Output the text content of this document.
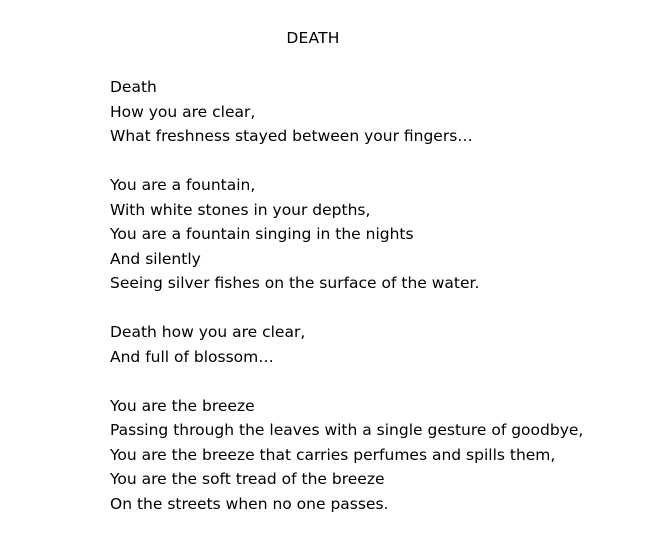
DEATH
Death
How you are clear,
What freshness stayed between your fingers…
You are a fountain,
With white stones in your depths,
You are a fountain singing in the nights
And silently
Seeing silver fishes on the surface of the water.
Death how you are clear,
And full of blossom…
You are the breeze
Passing through the leaves with a single gesture of goodbye,
You are the breeze that carries perfumes and spills them,
You are the soft tread of the breeze
On the streets when no one passes.
